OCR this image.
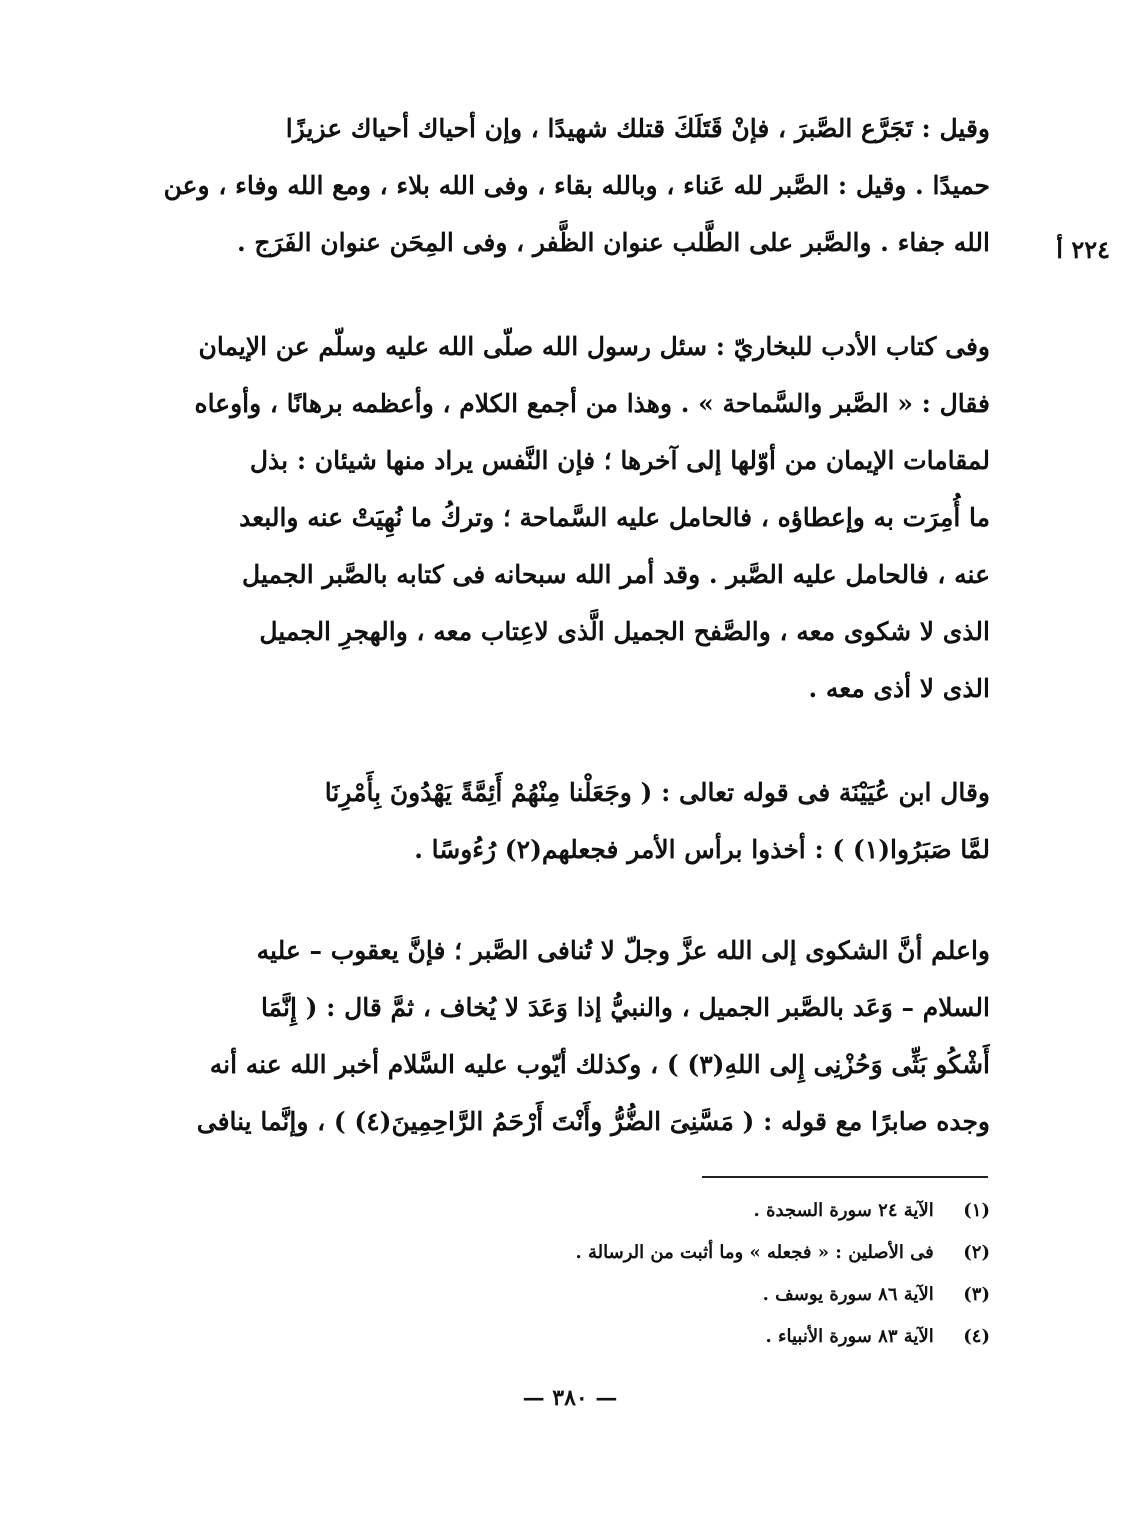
٢٢٤ أ
وقيل : تَجَرَّع الصَّبرَ ، فإنْ قَتَلَكَ قتلك شهيدًا ، وإن أحياك أحياك عزيزًا
حميدًا . وقيل : الصَّبر لله عَناء ، وبالله بقاء ، وفى الله بلاء ، ومع الله وفاء ، وعن
الله جفاء . والصَّبر على الطَّلب عنوان الظَّفر ، وفى المِحَن عنوان الفَرَج .
وفى كتاب الأدب للبخاريّ : سئل رسول الله صلّى الله عليه وسلّم عن الإيمان
فقال : « الصَّبر والسَّماحة » . وهذا من أجمع الكلام ، وأعظمه برهانًا ، وأوعاه
لمقامات الإيمان من أوّلها إلى آخرها ؛ فإن النَّفس يراد منها شيئان : بذل
ما أُمِرَت به وإعطاؤه ، فالحامل عليه السَّماحة ؛ وتركُ ما نُهِيَتْ عنه والبعد
عنه ، فالحامل عليه الصَّبر . وقد أمر الله سبحانه فى كتابه بالصَّبر الجميل
الذى لا شكوى معه ، والصَّفح الجميل الَّذى لاعِتاب معه ، والهجرِ الجميل
الذى لا أذى معه .
وقال ابن عُيَيْنَة فى قوله تعالى : ( وجَعَلْنا مِنْهُمْ أَئِمَّةً يَهْدُونَ بِأَمْرِنَا
لمَّا صَبَرُوا(١) ) : أخذوا برأس الأمر فجعلهم(٢) رُءُوسًا .
واعلم أنَّ الشكوى إلى الله عزَّ وجلّ لا تُنافى الصَّبر ؛ فإنَّ يعقوب – عليه
السلام – وَعَد بالصَّبر الجميل ، والنبيُّ إذا وَعَدَ لا يُخاف ، ثمَّ قال : ( إِنَّمَا
أَشْكُو بَثِّى وَحُزْنِى إِلى اللهِ(٣) ) ، وكذلك أيّوب عليه السَّلام أخبر الله عنه أنه
وجده صابرًا مع قوله : ( مَسَّنِىَ الضُّرُّ وأَنْتَ أَرْحَمُ الرَّاحِمِينَ(٤) ) ، وإنَّما ينافى
(١) الآية ٢٤ سورة السجدة .
(٢) فى الأصلين : « فجعله » وما أثبت من الرسالة .
(٣) الآية ٨٦ سورة يوسف .
(٤) الآية ٨٣ سورة الأنبياء .
— ٣٨٠ —
